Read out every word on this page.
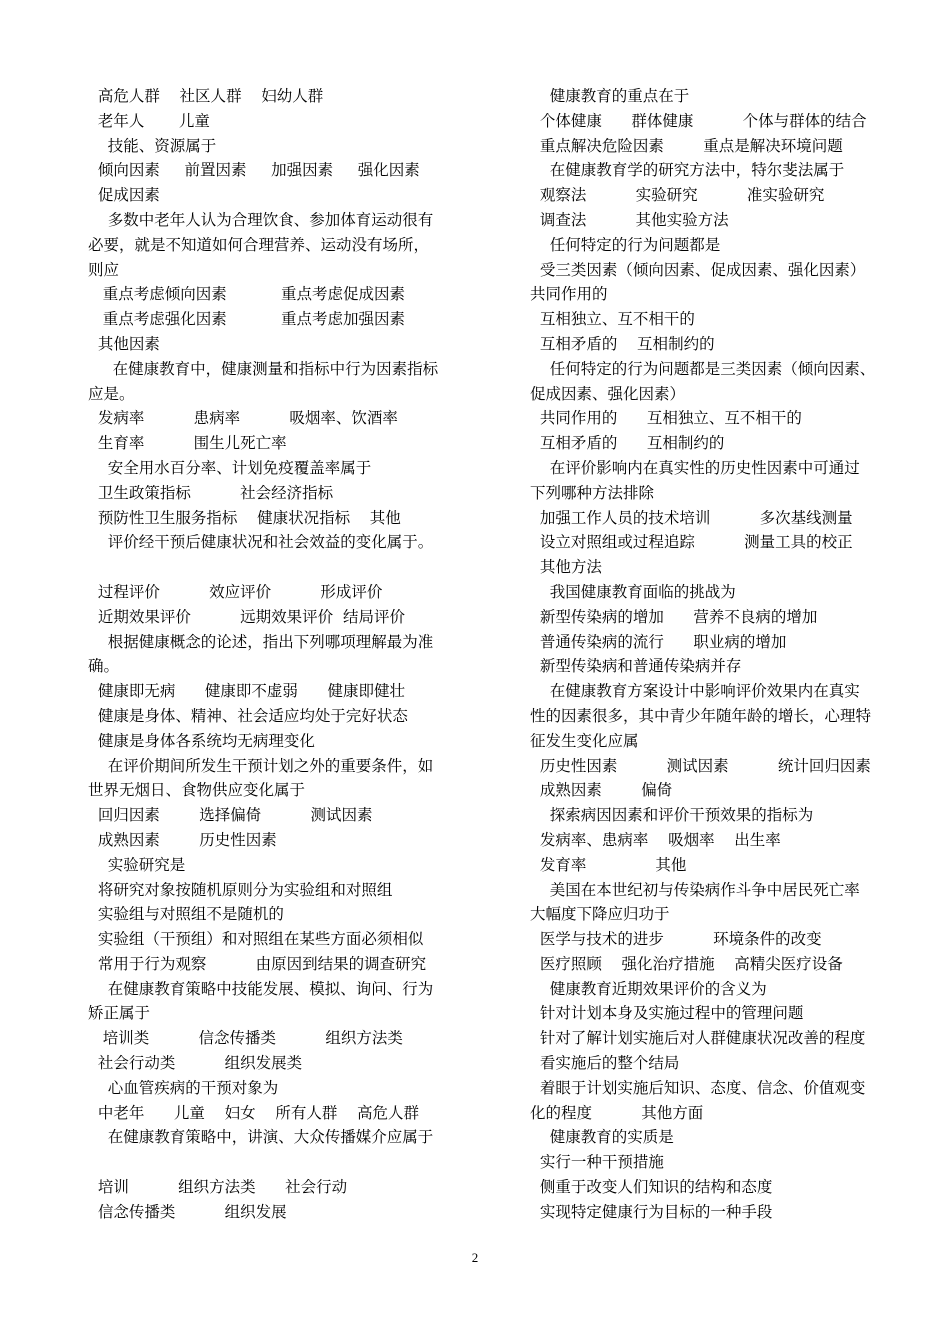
高危人群    社区人群    妇幼人群
老年人       儿童
技能、资源属于
倾向因素     前置因素     加强因素     强化因素
促成因素
多数中老年人认为合理饮食、参加体育运动很有
必要，就是不知道如何合理营养、运动没有场所，
则应
重点考虑倾向因素           重点考虑促成因素
重点考虑强化因素           重点考虑加强因素
其他因素
在健康教育中，健康测量和指标中行为因素指标
应是。
发病率          患病率          吸烟率、饮酒率
生育率          围生儿死亡率
安全用水百分率、计划免疫覆盖率属于
卫生政策指标          社会经济指标
预防性卫生服务指标    健康状况指标    其他
评价经干预后健康状况和社会效益的变化属于。
过程评价          效应评价          形成评价
近期效果评价          远期效果评价  结局评价
根据健康概念的论述，指出下列哪项理解最为准
确。
健康即无病      健康即不虚弱      健康即健壮
健康是身体、精神、社会适应均处于完好状态
健康是身体各系统均无病理变化
在评价期间所发生干预计划之外的重要条件，如
世界无烟日、食物供应变化属于
回归因素        选择偏倚          测试因素
成熟因素        历史性因素
实验研究是
将研究对象按随机原则分为实验组和对照组
实验组与对照组不是随机的
实验组（干预组）和对照组在某些方面必须相似
常用于行为观察          由原因到结果的调查研究
在健康教育策略中技能发展、模拟、询问、行为
矫正属于
培训类          信念传播类          组织方法类
社会行动类          组织发展类
心血管疾病的干预对象为
中老年      儿童    妇女    所有人群    高危人群
在健康教育策略中，讲演、大众传播媒介应属于
培训          组织方法类      社会行动
信念传播类          组织发展
健康教育的重点在于
个体健康      群体健康          个体与群体的结合
重点解决危险因素        重点是解决环境问题
在健康教育学的研究方法中，特尔斐法属于
观察法          实验研究          准实验研究
调查法          其他实验方法
任何特定的行为问题都是
受三类因素（倾向因素、促成因素、强化因素）
共同作用的
互相独立、互不相干的
互相矛盾的    互相制约的
任何特定的行为问题都是三类因素（倾向因素、
促成因素、强化因素）
共同作用的      互相独立、互不相干的
互相矛盾的      互相制约的
在评价影响内在真实性的历史性因素中可通过
下列哪种方法排除
加强工作人员的技术培训          多次基线测量
设立对照组或过程追踪          测量工具的校正
其他方法
我国健康教育面临的挑战为
新型传染病的增加      营养不良病的增加
普通传染病的流行      职业病的增加
新型传染病和普通传染病并存
在健康教育方案设计中影响评价效果内在真实
性的因素很多，其中青少年随年龄的增长，心理特
征发生变化应属
历史性因素          测试因素          统计回归因素
成熟因素        偏倚
探索病因因素和评价干预效果的指标为
发病率、患病率    吸烟率    出生率
发育率              其他
美国在本世纪初与传染病作斗争中居民死亡率
大幅度下降应归功于
医学与技术的进步          环境条件的改变
医疗照顾    强化治疗措施    高精尖医疗设备
健康教育近期效果评价的含义为
针对计划本身及实施过程中的管理问题
针对了解计划实施后对人群健康状况改善的程度
看实施后的整个结局
着眼于计划实施后知识、态度、信念、价值观变
化的程度          其他方面
健康教育的实质是
实行一种干预措施
侧重于改变人们知识的结构和态度
实现特定健康行为目标的一种手段
2
